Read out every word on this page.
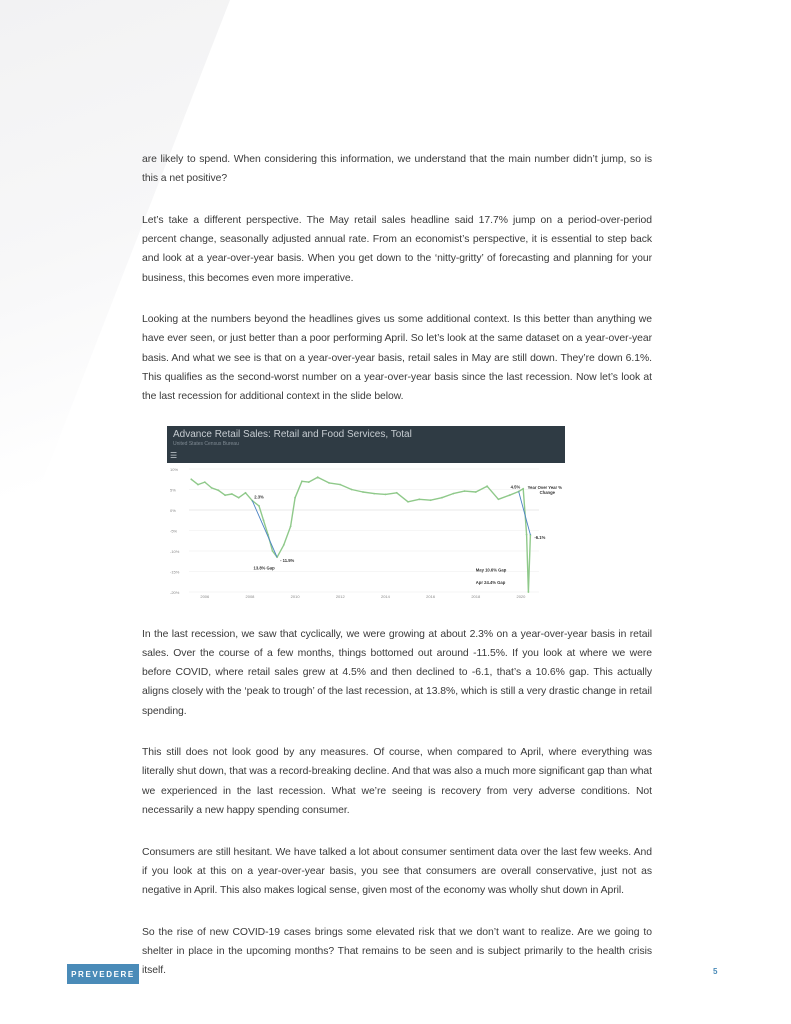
are likely to spend. When considering this information, we understand that the main number didn’t jump, so is this a net positive?

Let’s take a different perspective. The May retail sales headline said 17.7% jump on a period-over-period percent change, seasonally adjusted annual rate. From an economist’s perspective, it is essential to step back and look at a year-over-year basis. When you get down to the ‘nitty-gritty’ of forecasting and planning for your business, this becomes even more imperative.

Looking at the numbers beyond the headlines gives us some additional context. Is this better than anything we have ever seen, or just better than a poor performing April. So let’s look at the same dataset on a year-over-year basis. And what we see is that on a year-over-year basis, retail sales in May are still down. They’re down 6.1%. This qualifies as the second-worst number on a year-over-year basis since the last recession. Now let’s look at the last recession for additional context in the slide below.

Advance Retail Sales: Retail and Food Services, Total
United States Census Bureau
☰
10%
5%
0%
-5%
-10%
-15%
-20%
2006	2008	2010	2012	2014	2016	2018	2020
2.3%
- 11.5%
13.8% Gap
4.5%
-6.1%
May 10.6% Gap
Apr 24.4% Gap
Year Over Year % Change

In the last recession, we saw that cyclically, we were growing at about 2.3% on a year-over-year basis in retail sales. Over the course of a few months, things bottomed out around -11.5%. If you look at where we were before COVID, where retail sales grew at 4.5% and then declined to -6.1, that’s a 10.6% gap. This actually aligns closely with the ‘peak to trough’ of the last recession, at 13.8%, which is still a very drastic change in retail spending.

This still does not look good by any measures. Of course, when compared to April, where everything was literally shut down, that was a record-breaking decline. And that was also a much more significant gap than what we experienced in the last recession. What we’re seeing is recovery from very adverse conditions. Not necessarily a new happy spending consumer.

Consumers are still hesitant. We have talked a lot about consumer sentiment data over the last few weeks. And if you look at this on a year-over-year basis, you see that consumers are overall conservative, just not as negative in April. This also makes logical sense, given most of the economy was wholly shut down in April.

So the rise of new COVID-19 cases brings some elevated risk that we don’t want to realize. Are we going to shelter in place in the upcoming months? That remains to be seen and is subject primarily to the health crisis itself.

PREVEDERE	5
